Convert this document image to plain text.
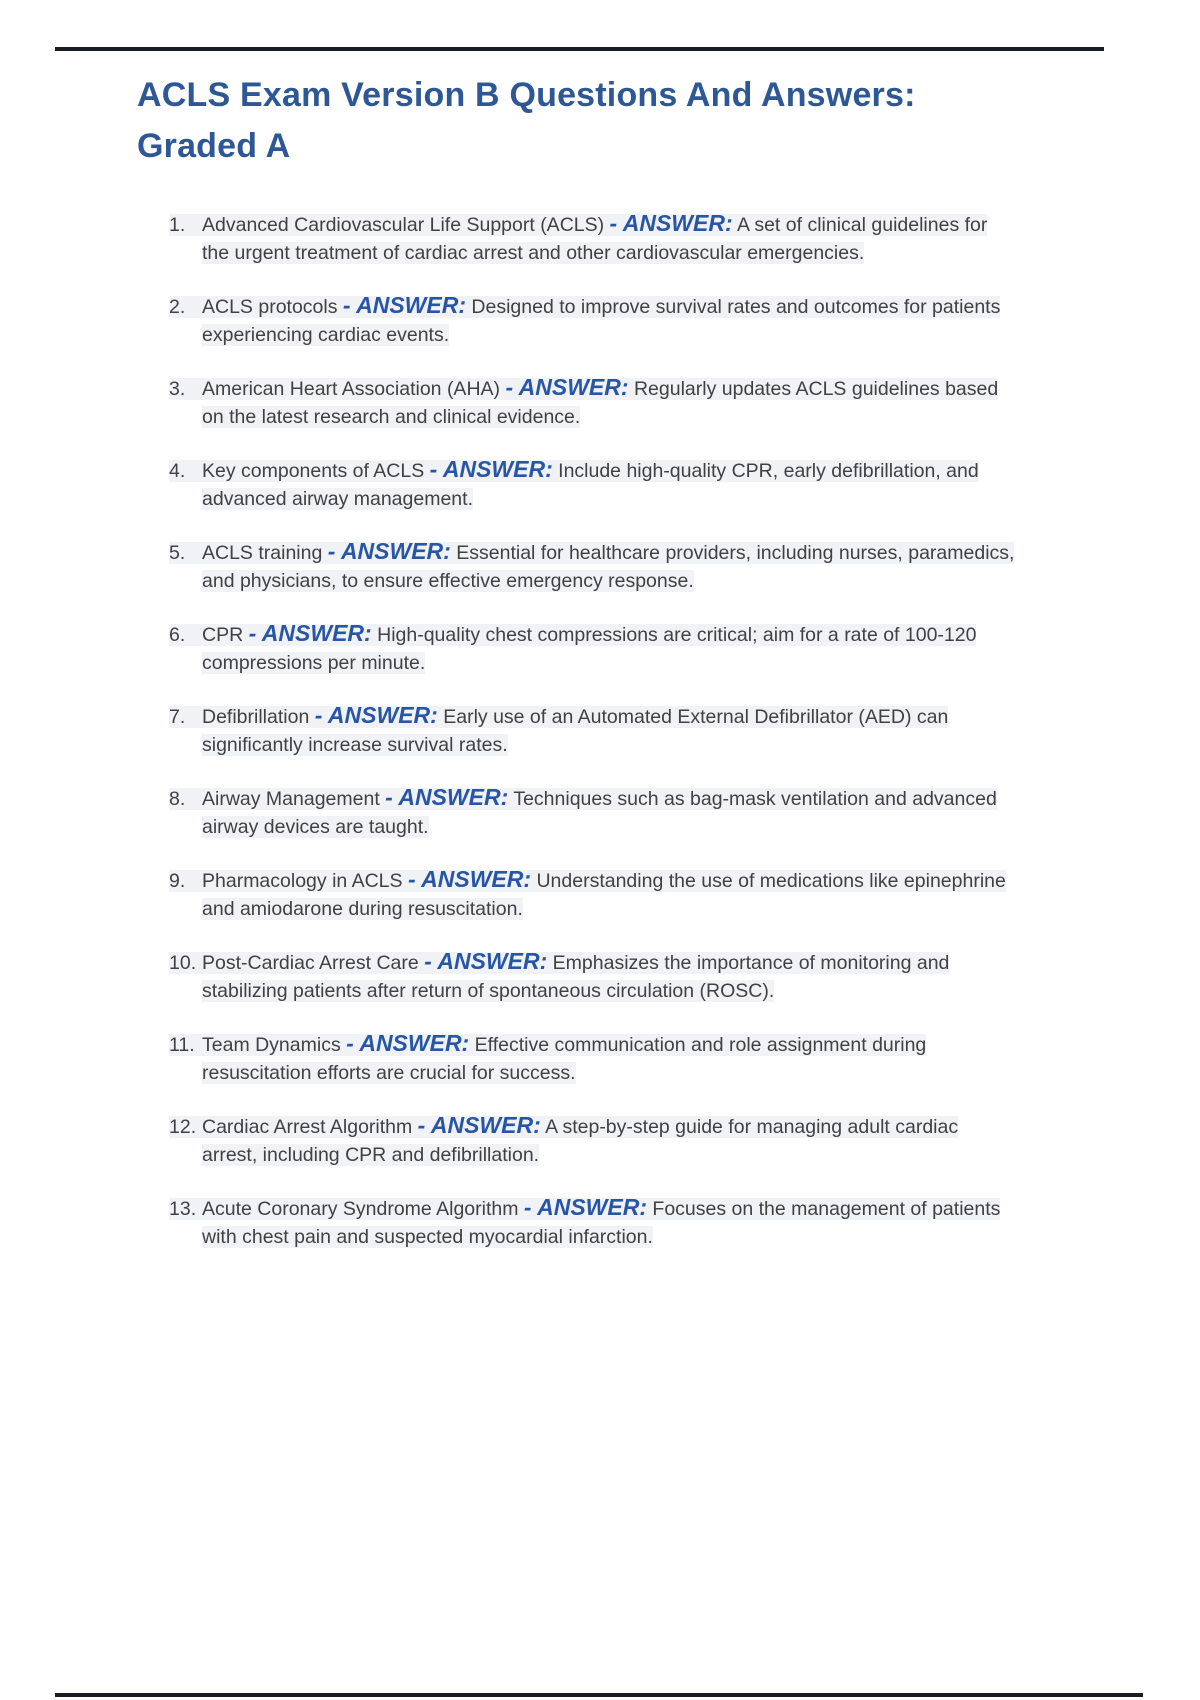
ACLS Exam Version B Questions And Answers:
Graded A
1. Advanced Cardiovascular Life Support (ACLS) - ANSWER: A set of clinical guidelines for the urgent treatment of cardiac arrest and other cardiovascular emergencies.
2. ACLS protocols - ANSWER: Designed to improve survival rates and outcomes for patients experiencing cardiac events.
3. American Heart Association (AHA) - ANSWER: Regularly updates ACLS guidelines based on the latest research and clinical evidence.
4. Key components of ACLS - ANSWER: Include high-quality CPR, early defibrillation, and advanced airway management.
5. ACLS training - ANSWER: Essential for healthcare providers, including nurses, paramedics, and physicians, to ensure effective emergency response.
6. CPR - ANSWER: High-quality chest compressions are critical; aim for a rate of 100-120 compressions per minute.
7. Defibrillation - ANSWER: Early use of an Automated External Defibrillator (AED) can significantly increase survival rates.
8. Airway Management - ANSWER: Techniques such as bag-mask ventilation and advanced airway devices are taught.
9. Pharmacology in ACLS - ANSWER: Understanding the use of medications like epinephrine and amiodarone during resuscitation.
10. Post-Cardiac Arrest Care - ANSWER: Emphasizes the importance of monitoring and stabilizing patients after return of spontaneous circulation (ROSC).
11. Team Dynamics - ANSWER: Effective communication and role assignment during resuscitation efforts are crucial for success.
12. Cardiac Arrest Algorithm - ANSWER: A step-by-step guide for managing adult cardiac arrest, including CPR and defibrillation.
13. Acute Coronary Syndrome Algorithm - ANSWER: Focuses on the management of patients with chest pain and suspected myocardial infarction.
